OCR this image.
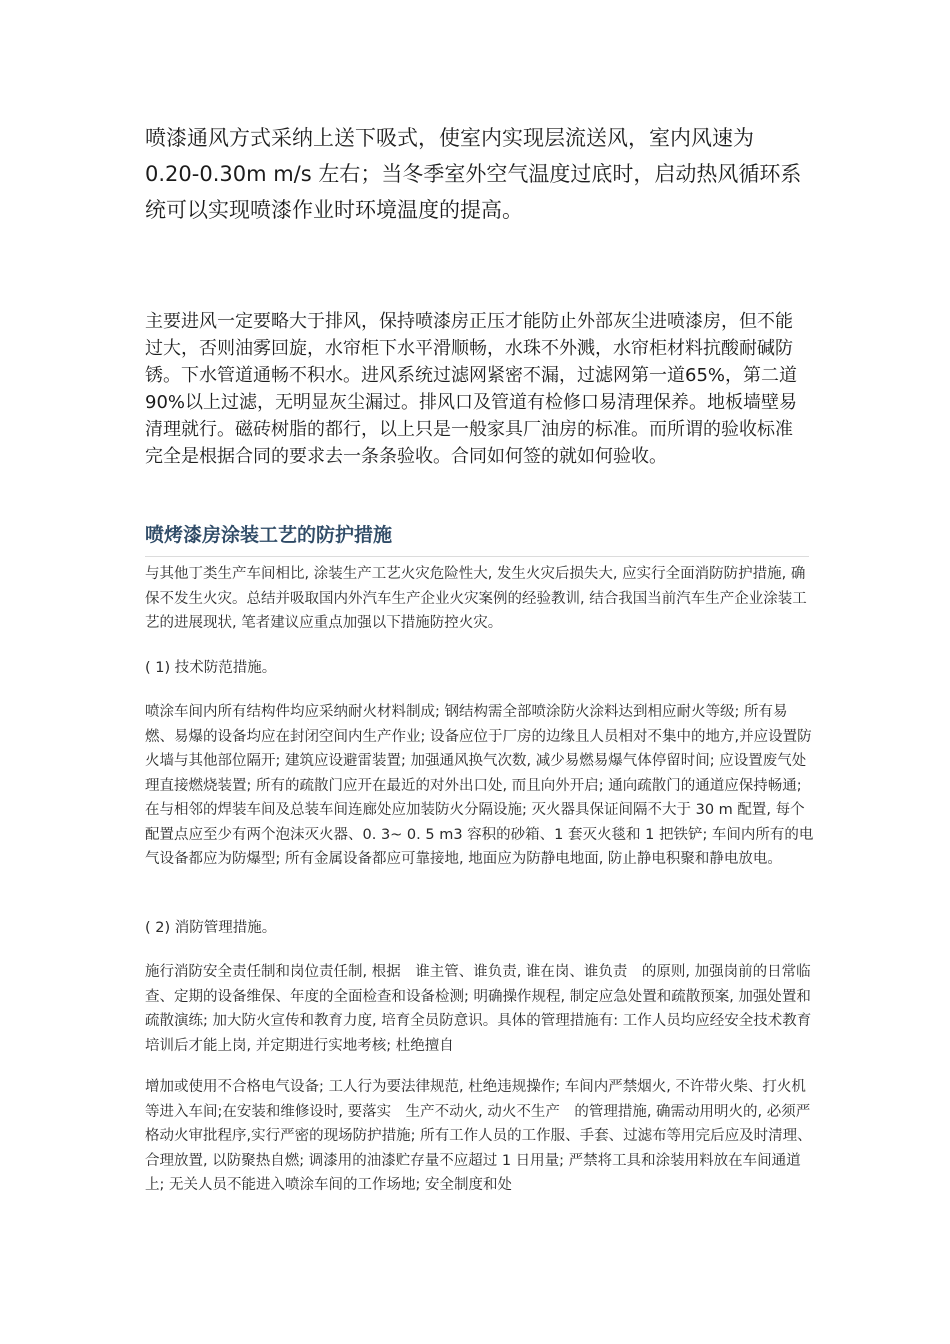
喷漆通风方式采纳上送下吸式，使室内实现层流送风，室内风速为0.20-0.30m m/s 左右；当冬季室外空气温度过底时，启动热风循环系统可以实现喷漆作业时环境温度的提高。

主要进风一定要略大于排风，保持喷漆房正压才能防止外部灰尘进喷漆房，但不能过大，否则油雾回旋，水帘柜下水平滑顺畅，水珠不外溅，水帘柜材料抗酸耐碱防锈。下水管道通畅不积水。进风系统过滤网紧密不漏，过滤网第一道65%，第二道 90%以上过滤，无明显灰尘漏过。排风口及管道有检修口易清理保养。地板墙壁易清理就行。磁砖树脂的都行，以上只是一般家具厂油房的标准。而所谓的验收标准完全是根据合同的要求去一条条验收。合同如何签的就如何验收。

喷烤漆房涂装工艺的防护措施

与其他丁类生产车间相比, 涂装生产工艺火灾危险性大, 发生火灾后损失大, 应实行全面消防防护措施, 确保不发生火灾。总结并吸取国内外汽车生产企业火灾案例的经验教训, 结合我国当前汽车生产企业涂装工艺的进展现状, 笔者建议应重点加强以下措施防控火灾。

( 1) 技术防范措施。

喷涂车间内所有结构件均应采纳耐火材料制成; 钢结构需全部喷涂防火涂料达到相应耐火等级; 所有易燃、易爆的设备均应在封闭空间内生产作业; 设备应位于厂房的边缘且人员相对不集中的地方,并应设置防火墙与其他部位隔开; 建筑应设避雷装置; 加强通风换气次数, 减少易燃易爆气体停留时间; 应设置废气处理直接燃烧装置; 所有的疏散门应开在最近的对外出口处, 而且向外开启; 通向疏散门的通道应保持畅通;在与相邻的焊装车间及总装车间连廊处应加装防火分隔设施; 灭火器具保证间隔不大于 30 m 配置, 每个配置点应至少有两个泡沫灭火器、0. 3~ 0. 5 m3 容积的砂箱、1 套灭火毯和 1 把铁铲; 车间内所有的电气设备都应为防爆型; 所有金属设备都应可靠接地, 地面应为防静电地面, 防止静电积聚和静电放电。

( 2) 消防管理措施。

施行消防安全责任制和岗位责任制, 根据　谁主管、谁负责, 谁在岗、谁负责　的原则, 加强岗前的日常临查、定期的设备维保、年度的全面检查和设备检测; 明确操作规程, 制定应急处置和疏散预案, 加强处置和疏散演练; 加大防火宣传和教育力度, 培育全员防意识。具体的管理措施有: 工作人员均应经安全技术教育培训后才能上岗, 并定期进行实地考核; 杜绝擅自

增加或使用不合格电气设备; 工人行为要法律规范, 杜绝违规操作; 车间内严禁烟火, 不许带火柴、打火机等进入车间;在安装和维修设时, 要落实　生产不动火, 动火不生产　的管理措施, 确需动用明火的, 必须严格动火审批程序,实行严密的现场防护措施; 所有工作人员的工作服、手套、过滤布等用完后应及时清理、合理放置, 以防聚热自燃; 调漆用的油漆贮存量不应超过 1 日用量; 严禁将工具和涂装用料放在车间通道上; 无关人员不能进入喷涂车间的工作场地; 安全制度和处
